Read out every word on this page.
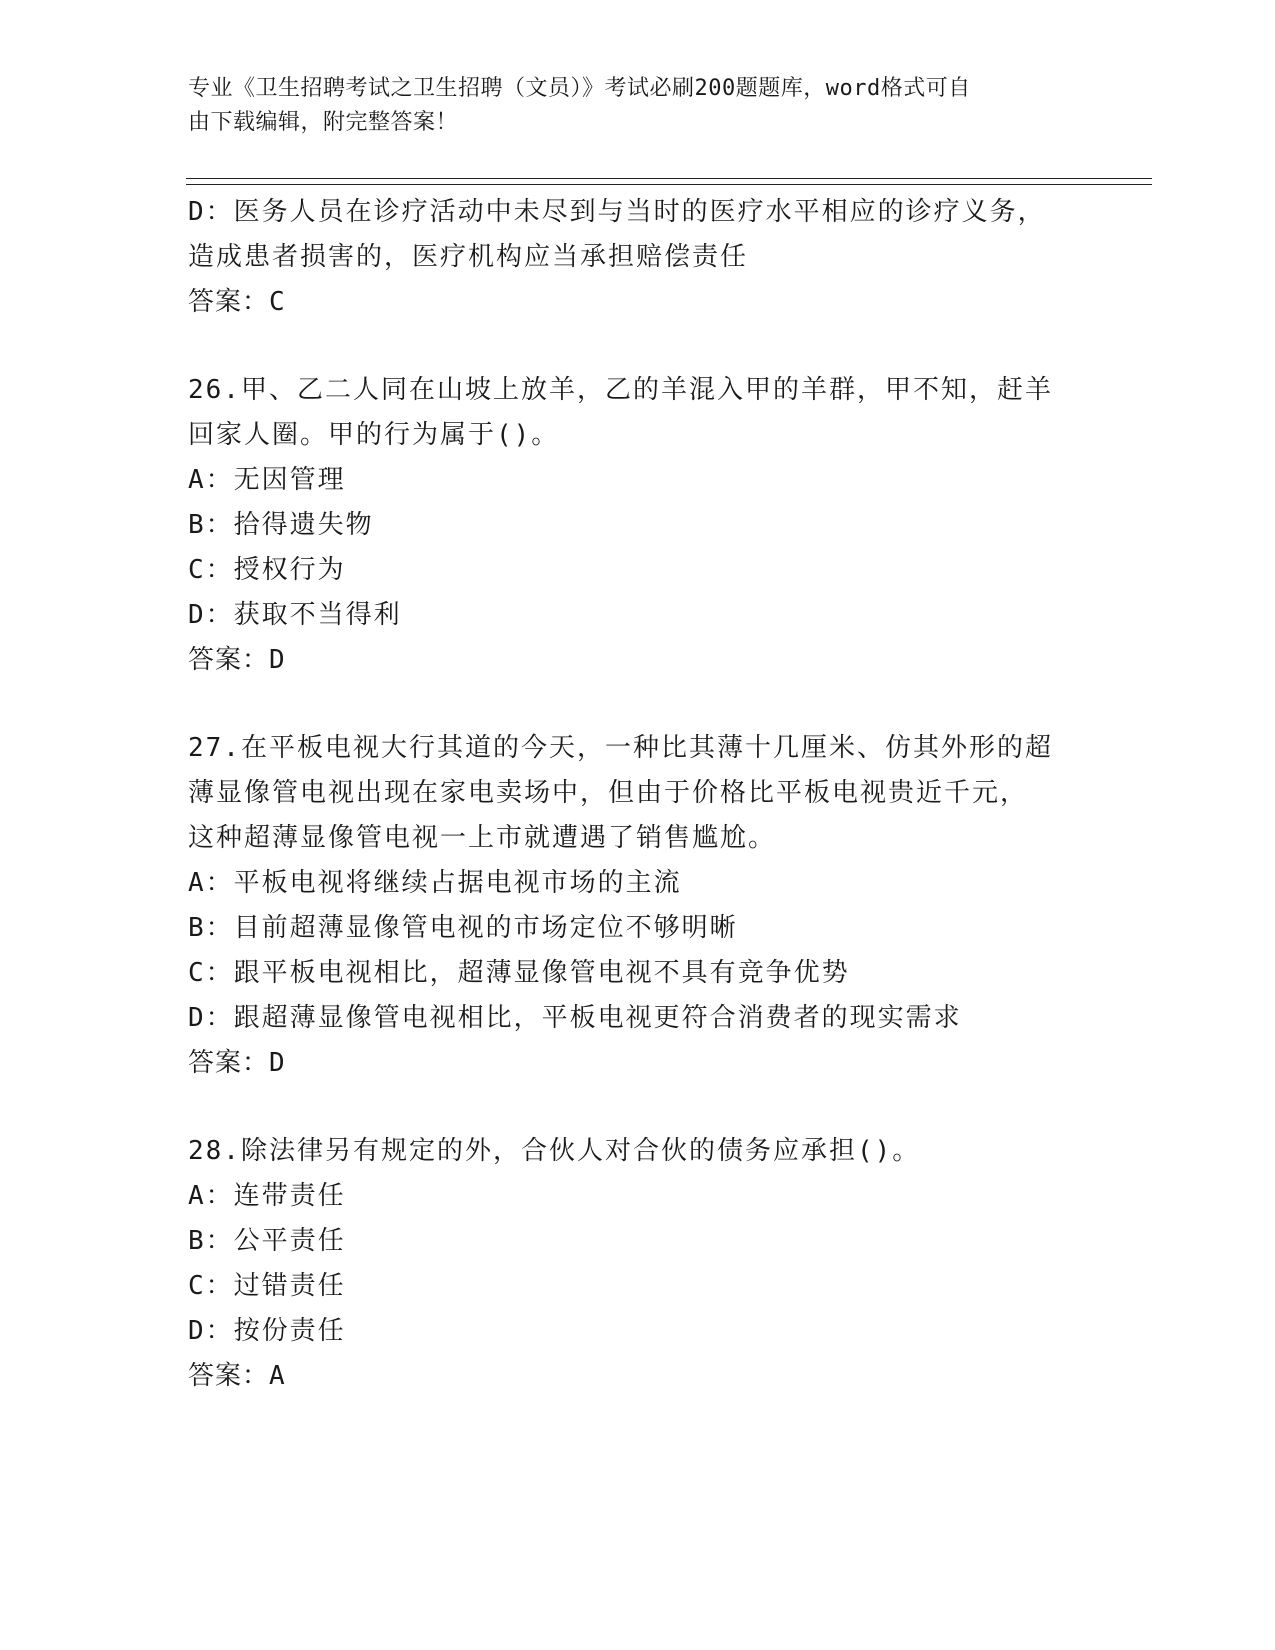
专业《卫生招聘考试之卫生招聘（文员）》考试必刷200题题库，word格式可自
由下载编辑，附完整答案！
D：医务人员在诊疗活动中未尽到与当时的医疗水平相应的诊疗义务，
造成患者损害的，医疗机构应当承担赔偿责任
答案：C
26.甲、乙二人同在山坡上放羊，乙的羊混入甲的羊群，甲不知，赶羊
回家人圈。甲的行为属于()。
A：无因管理
B：拾得遗失物
C：授权行为
D：获取不当得利
答案：D
27.在平板电视大行其道的今天，一种比其薄十几厘米、仿其外形的超
薄显像管电视出现在家电卖场中，但由于价格比平板电视贵近千元，
这种超薄显像管电视一上市就遭遇了销售尴尬。
A：平板电视将继续占据电视市场的主流
B：目前超薄显像管电视的市场定位不够明晰
C：跟平板电视相比，超薄显像管电视不具有竞争优势
D：跟超薄显像管电视相比，平板电视更符合消费者的现实需求
答案：D
28.除法律另有规定的外，合伙人对合伙的债务应承担()。
A：连带责任
B：公平责任
C：过错责任
D：按份责任
答案：A
